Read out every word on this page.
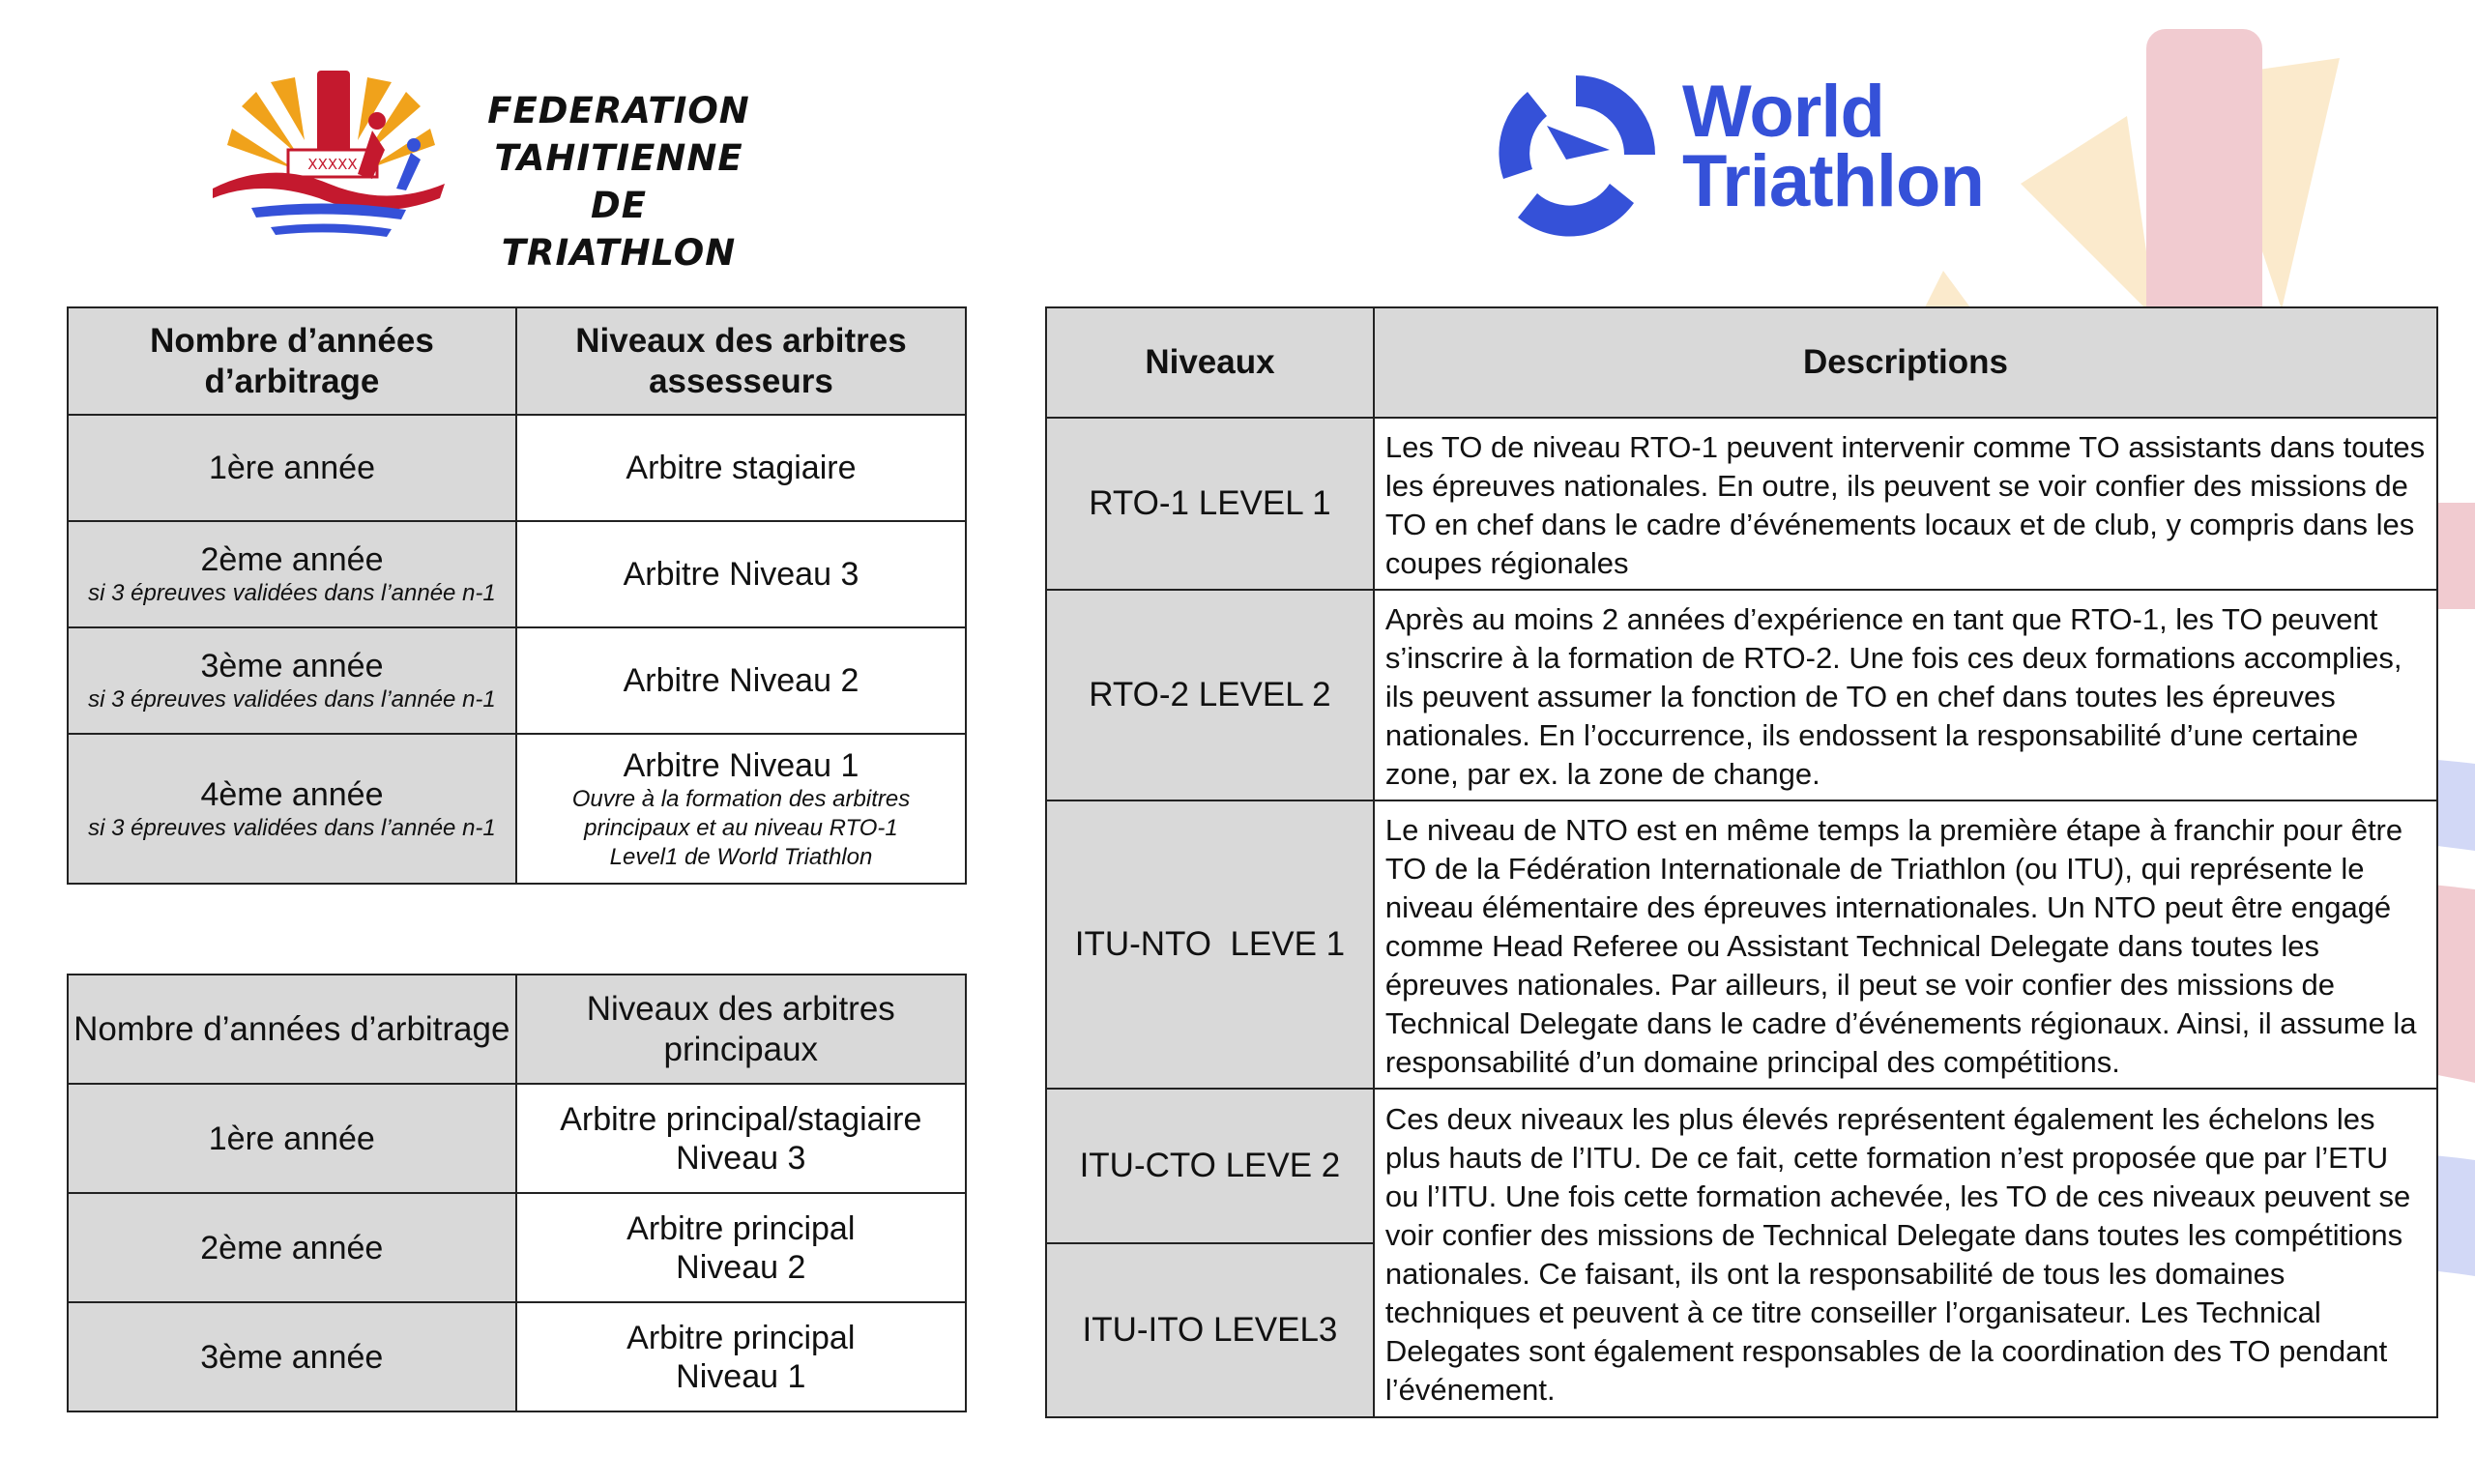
XXXXX
FEDERATION
TAHITIENNE
DE TRIATHLON
World
Triathlon
Nombre d’années d’arbitrage	Niveaux des arbitres assesseurs

1ère année	Arbitre stagiaire

2ème année
si 3 épreuves validées dans l’année n-1	Arbitre Niveau 3

3ème année
si 3 épreuves validées dans l’année n-1	Arbitre Niveau 2

4ème année
si 3 épreuves validées dans l’année n-1	Arbitre Niveau 1
Ouvre à la formation des arbitres principaux et au niveau RTO-1 Level1 de World Triathlon
Nombre d’années d’arbitrage	Niveaux des arbitres principaux

1ère année	Arbitre principal/stagiaire Niveau 3

2ème année	Arbitre principal Niveau 2

3ème année	Arbitre principal Niveau 1
Niveaux	Descriptions
RTO-1 LEVEL 1	Les TO de niveau RTO-1 peuvent intervenir comme TO assistants dans toutes les épreuves nationales. En outre, ils peuvent se voir confier des missions de TO en chef dans le cadre d’événements locaux et de club, y compris dans les coupes régionales
RTO-2 LEVEL 2	Après au moins 2 années d’expérience en tant que RTO-1, les TO peuvent s’inscrire à la formation de RTO-2. Une fois ces deux formations accomplies, ils peuvent assumer la fonction de TO en chef dans toutes les épreuves nationales. En l’occurrence, ils endossent la responsabilité d’une certaine zone, par ex. la zone de change.
ITU-NTO  LEVE 1	Le niveau de NTO est en même temps la première étape à franchir pour être TO de la Fédération Internationale de Triathlon (ou ITU), qui représente le niveau élémentaire des épreuves internationales. Un NTO peut être engagé comme Head Referee ou Assistant Technical Delegate dans toutes les épreuves nationales. Par ailleurs, il peut se voir confier des missions de Technical Delegate dans le cadre d’événements régionaux. Ainsi, il assume la responsabilité d’un domaine principal des compétitions.
ITU-CTO LEVE 2	Ces deux niveaux les plus élevés représentent également les échelons les plus hauts de l’ITU. De ce fait, cette formation n’est proposée que par l’ETU ou l’ITU. Une fois cette formation achevée, les TO de ces niveaux peuvent se voir confier des missions de Technical Delegate dans toutes les compétitions nationales. Ce faisant, ils ont la responsabilité de tous les domaines techniques et peuvent à ce titre conseiller l’organisateur. Les Technical Delegates sont également responsables de la coordination des TO pendant l’événement.
ITU-ITO LEVEL3	
